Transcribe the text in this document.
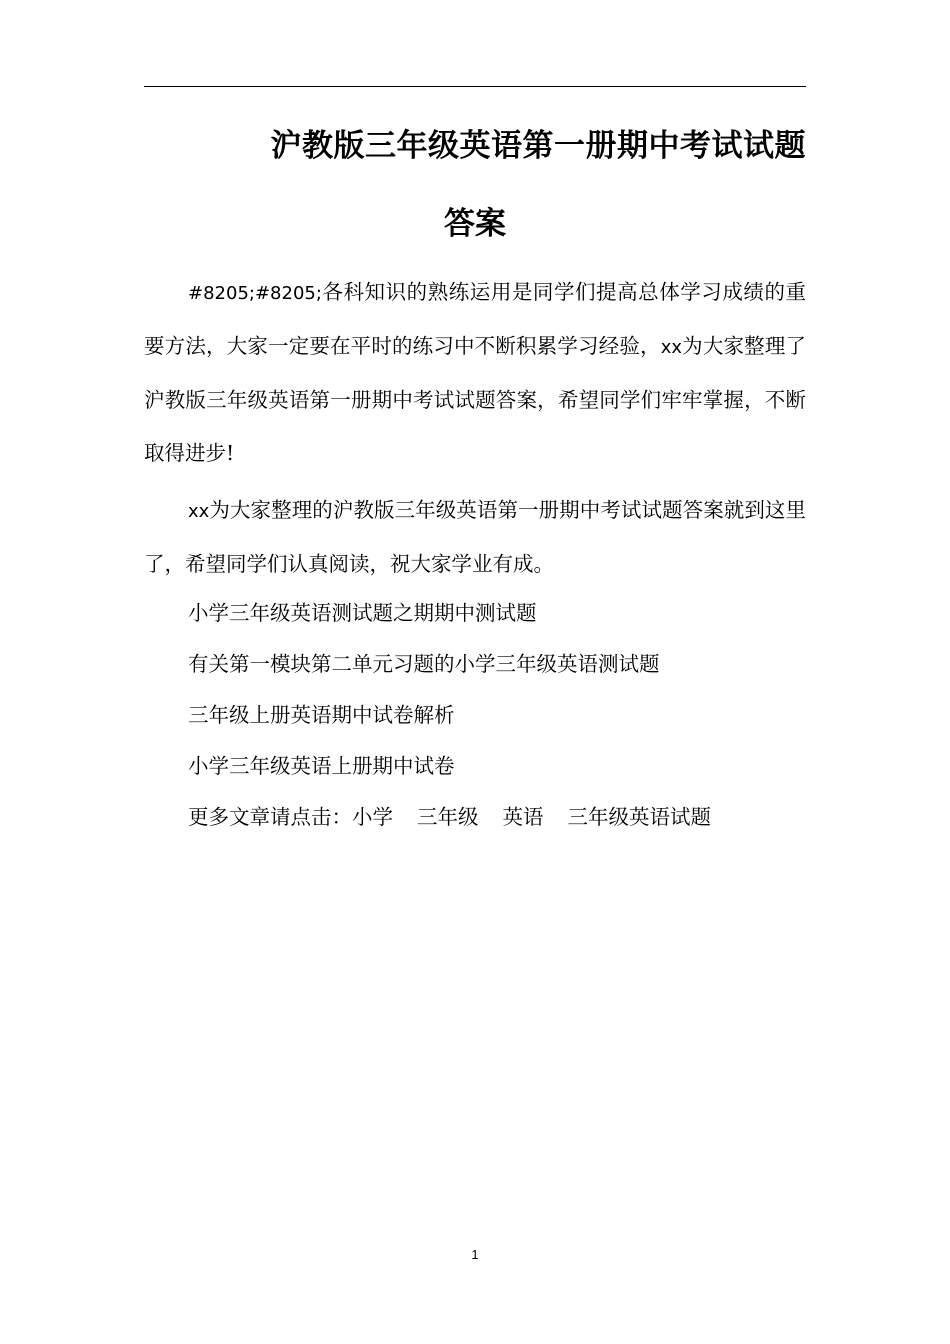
沪教版三年级英语第一册期中考试试题
答案
#8205;#8205;各科知识的熟练运用是同学们提高总体学习成绩的重要方法，大家一定要在平时的练习中不断积累学习经验，xx为大家整理了沪教版三年级英语第一册期中考试试题答案，希望同学们牢牢掌握，不断取得进步!
xx为大家整理的沪教版三年级英语第一册期中考试试题答案就到这里了，希望同学们认真阅读，祝大家学业有成。
小学三年级英语测试题之期期中测试题
有关第一模块第二单元习题的小学三年级英语测试题
三年级上册英语期中试卷解析
小学三年级英语上册期中试卷
更多文章请点击：小学 三年级 英语 三年级英语试题
1
